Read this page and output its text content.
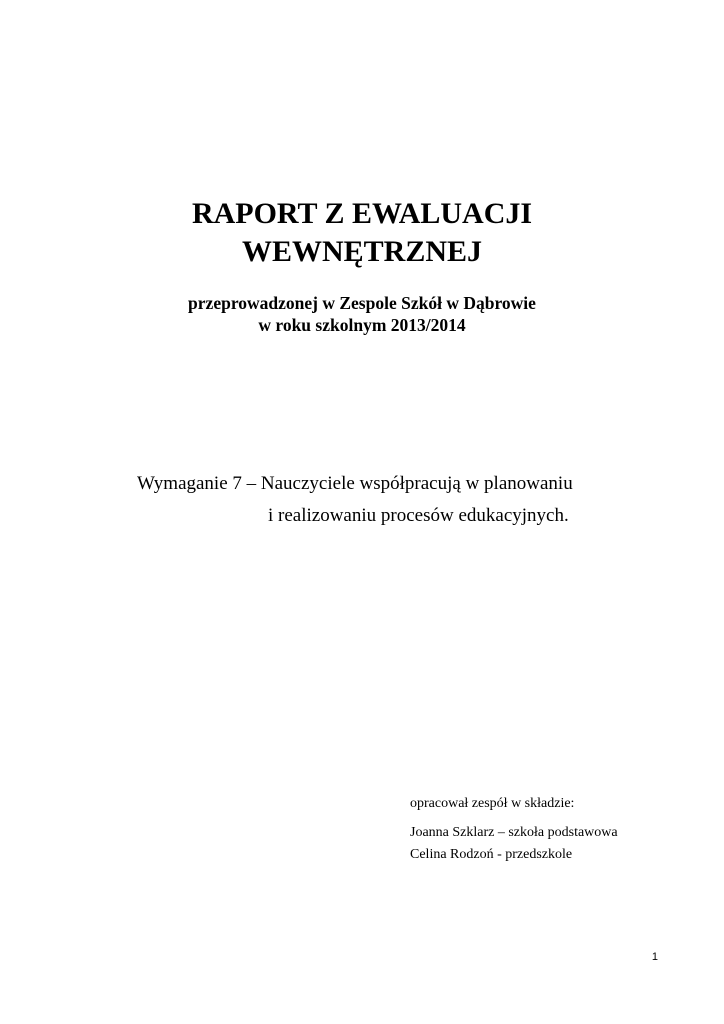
RAPORT Z EWALUACJI
WEWNĘTRZNEJ
przeprowadzonej w Zespole Szkół w Dąbrowie
w roku szkolnym 2013/2014
Wymaganie 7 – Nauczyciele współpracują w planowaniu
i realizowaniu procesów edukacyjnych.
opracował zespół w składzie:
Joanna Szklarz – szkoła podstawowa
Celina Rodzoń - przedszkole
1
